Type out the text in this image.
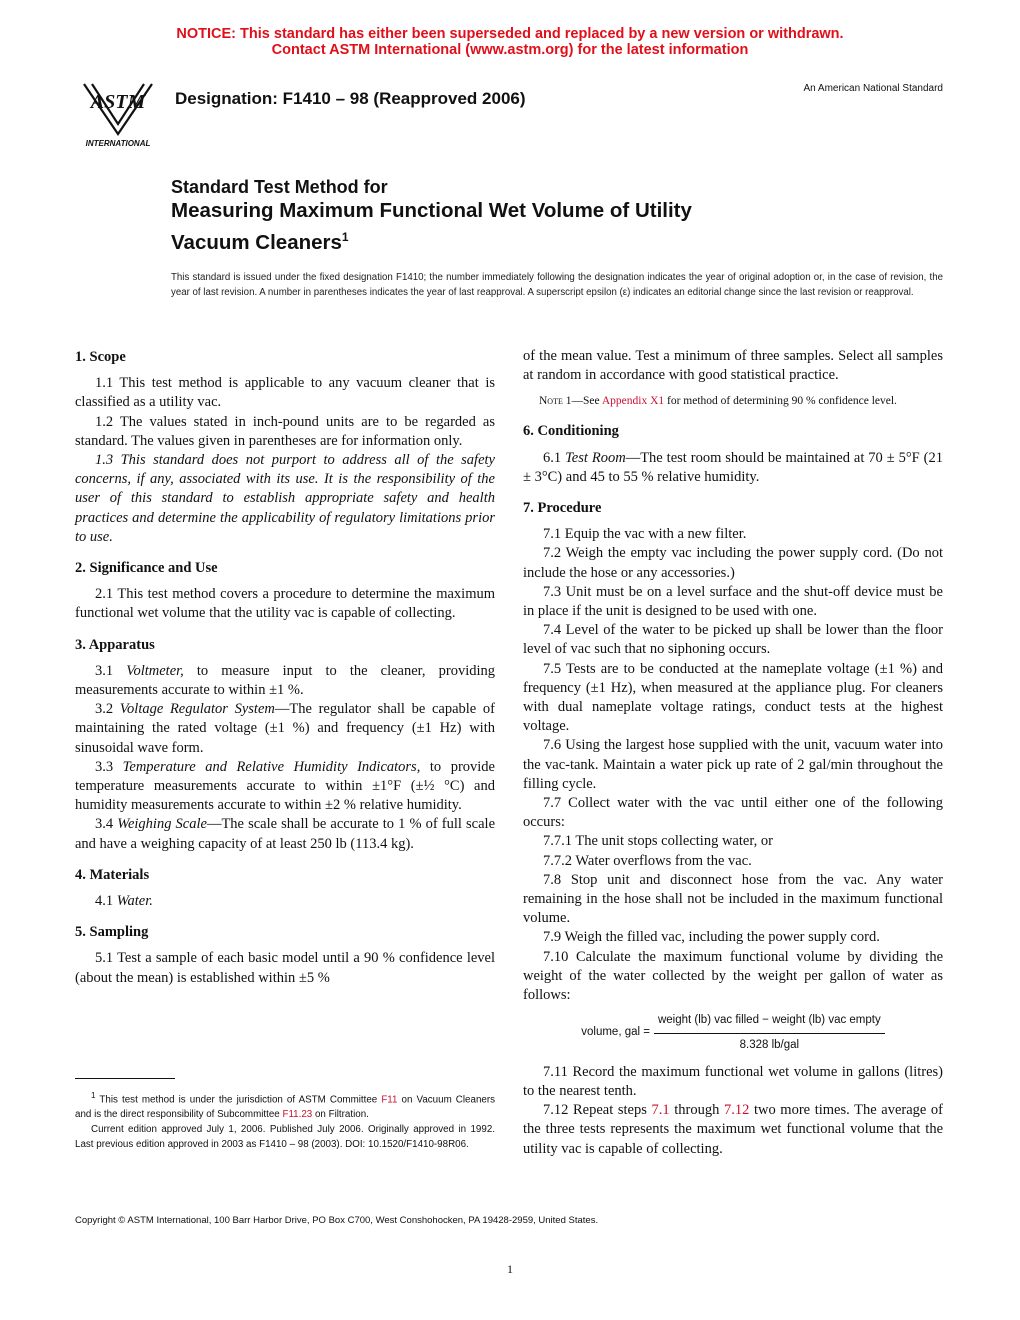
NOTICE: This standard has either been superseded and replaced by a new version or withdrawn.
Contact ASTM International (www.astm.org) for the latest information
ASTM
INTERNATIONAL
Designation: F1410 – 98 (Reapproved 2006)
An American National Standard
Standard Test Method for
Measuring Maximum Functional Wet Volume of Utility
Vacuum Cleaners$^1$
This standard is issued under the fixed designation F1410; the number immediately following the designation indicates the year of original adoption or, in the case of revision, the year of last revision. A number in parentheses indicates the year of last reapproval. A superscript epsilon (ε) indicates an editorial change since the last revision or reapproval.
1. Scope

1.1 This test method is applicable to any vacuum cleaner that is classified as a utility vac.

1.2 The values stated in inch-pound units are to be regarded as standard. The values given in parentheses are for information only.

1.3 This standard does not purport to address all of the safety concerns, if any, associated with its use. It is the responsibility of the user of this standard to establish appropriate safety and health practices and determine the applicability of regulatory limitations prior to use.

2. Significance and Use

2.1 This test method covers a procedure to determine the maximum functional wet volume that the utility vac is capable of collecting.

3. Apparatus

3.1 Voltmeter, to measure input to the cleaner, providing measurements accurate to within ±1 %.

3.2 Voltage Regulator System—The regulator shall be capable of maintaining the rated voltage (±1 %) and frequency (±1 Hz) with sinusoidal wave form.

3.3 Temperature and Relative Humidity Indicators, to provide temperature measurements accurate to within ±1°F (±½ °C) and humidity measurements accurate to within ±2 % relative humidity.

3.4 Weighing Scale—The scale shall be accurate to 1 % of full scale and have a weighing capacity of at least 250 lb (113.4 kg).

4. Materials

4.1 Water.

5. Sampling

5.1 Test a sample of each basic model until a 90 % confidence level (about the mean) is established within ±5 %

$^1$ This test method is under the jurisdiction of ASTM Committee F11 on Vacuum Cleaners and is the direct responsibility of Subcommittee F11.23 on Filtration.

Current edition approved July 1, 2006. Published July 2006. Originally approved in 1992. Last previous edition approved in 2003 as F1410 – 98 (2003). DOI: 10.1520/F1410-98R06.

of the mean value. Test a minimum of three samples. Select all samples at random in accordance with good statistical practice.

Note 1—See Appendix X1 for method of determining 90 % confidence level.

6. Conditioning

6.1 Test Room—The test room should be maintained at 70 ± 5°F (21 ± 3°C) and 45 to 55 % relative humidity.

7. Procedure

7.1 Equip the vac with a new filter.

7.2 Weigh the empty vac including the power supply cord. (Do not include the hose or any accessories.)

7.3 Unit must be on a level surface and the shut-off device must be in place if the unit is designed to be used with one.

7.4 Level of the water to be picked up shall be lower than the floor level of vac such that no siphoning occurs.

7.5 Tests are to be conducted at the nameplate voltage (±1 %) and frequency (±1 Hz), when measured at the appliance plug. For cleaners with dual nameplate voltage ratings, conduct tests at the highest voltage.

7.6 Using the largest hose supplied with the unit, vacuum water into the vac-tank. Maintain a water pick up rate of 2 gal/min throughout the filling cycle.

7.7 Collect water with the vac until either one of the following occurs:

7.7.1 The unit stops collecting water, or

7.7.2 Water overflows from the vac.

7.8 Stop unit and disconnect hose from the vac. Any water remaining in the hose shall not be included in the maximum functional volume.

7.9 Weigh the filled vac, including the power supply cord.

7.10 Calculate the maximum functional volume by dividing the weight of the water collected by the weight per gallon of water as follows:

volume, gal = $\frac{\text{weight (lb) vac filled − weight (lb) vac empty}}{\text{8.328 lb/gal}}$

7.11 Record the maximum functional wet volume in gallons (litres) to the nearest tenth.

7.12 Repeat steps 7.1 through 7.12 two more times. The average of the three tests represents the maximum wet functional volume that the utility vac is capable of collecting.

Copyright © ASTM International, 100 Barr Harbor Drive, PO Box C700, West Conshohocken, PA 19428-2959, United States.
1
